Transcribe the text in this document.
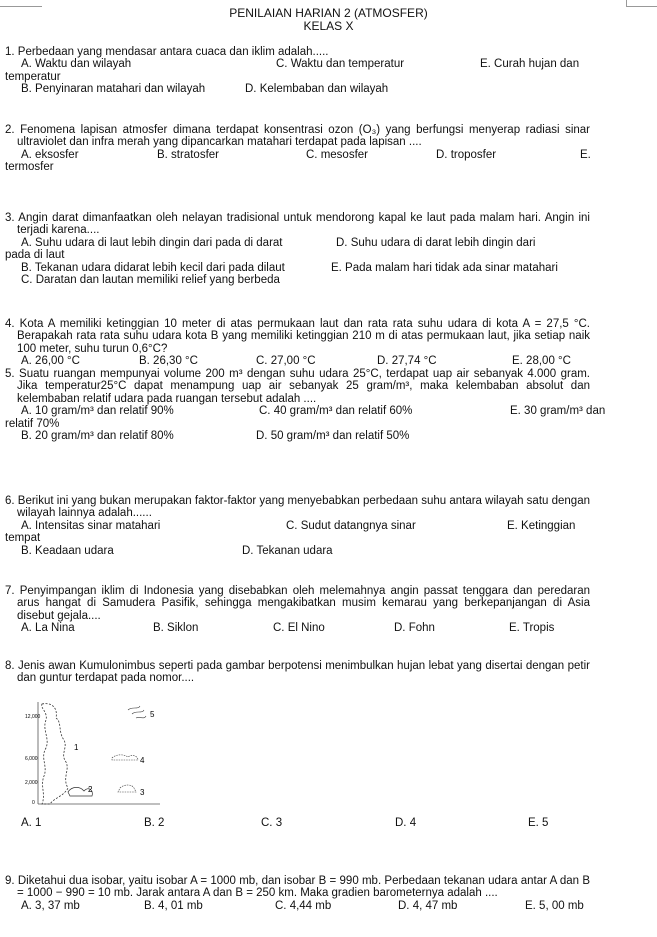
PENILAIAN HARIAN 2 (ATMOSFER)
KELAS X
1. Perbedaan yang mendasar antara cuaca dan iklim adalah.....
A. Waktu dan wilayah	C. Waktu dan temperatur	E. Curah hujan dan
temperatur
B. Penyinaran matahari dan wilayah	D. Kelembaban dan wilayah
2. Fenomena lapisan atmosfer dimana terdapat konsentrasi ozon (O₃) yang berfungsi menyerap radiasi sinar ultraviolet dan infra merah yang dipancarkan matahari terdapat pada lapisan ....
A. eksosfer	B. stratosfer	C. mesosfer	D. troposfer	E.
termosfer
3. Angin darat dimanfaatkan oleh nelayan tradisional untuk mendorong kapal ke laut pada malam hari. Angin ini terjadi karena....
A. Suhu udara di laut lebih dingin dari pada di darat	D. Suhu udara di darat lebih dingin dari
pada di laut
B. Tekanan udara didarat lebih kecil dari pada dilaut	E. Pada malam hari tidak ada sinar matahari
C. Daratan dan lautan memiliki relief yang berbeda
4. Kota A memiliki ketinggian 10 meter di atas permukaan laut dan rata rata suhu udara di kota A = 27,5 °C. Berapakah rata rata suhu udara kota B yang memiliki ketinggian 210 m di atas permukaan laut, jika setiap naik 100 meter, suhu turun 0,6°C?
A. 26,00 °C	B. 26,30 °C	C. 27,00 °C	D. 27,74 °C	E. 28,00 °C
5. Suatu ruangan mempunyai volume 200 m³ dengan suhu udara 25°C, terdapat uap air sebanyak 4.000 gram. Jika temperatur25°C dapat menampung uap air sebanyak 25 gram/m³, maka kelembaban absolut dan kelembaban relatif udara pada ruangan tersebut adalah ....
A. 10 gram/m³ dan relatif 90%	C. 40 gram/m³ dan relatif 60%	E. 30 gram/m³ dan
relatif 70%
B. 20 gram/m³ dan relatif 80%	D. 50 gram/m³ dan relatif 50%
6. Berikut ini yang bukan merupakan faktor-faktor yang menyebabkan perbedaan suhu antara wilayah satu dengan wilayah lainnya adalah......
A. Intensitas sinar matahari	C. Sudut datangnya sinar	E. Ketinggian
tempat
B. Keadaan udara	D. Tekanan udara
7. Penyimpangan iklim di Indonesia yang disebabkan oleh melemahnya angin passat tenggara dan peredaran arus hangat di Samudera Pasifik, sehingga mengakibatkan musim kemarau yang berkepanjangan di Asia disebut gejala....
A. La Nina	B. Siklon	C. El Nino	D. Fohn	E. Tropis
8. Jenis awan Kumulonimbus seperti pada gambar berpotensi menimbulkan hujan lebat yang disertai dengan petir dan guntur terdapat pada nomor....
12,000
6,000
2,000
0
1
2	3
4
5
A. 1	B. 2	C. 3	D. 4	E. 5
9. Diketahui dua isobar, yaitu isobar A = 1000 mb, dan isobar B = 990 mb. Perbedaan tekanan udara antar A dan B = 1000 − 990 = 10 mb. Jarak antara A dan B = 250 km. Maka gradien barometernya adalah ....
A. 3, 37 mb	B. 4, 01 mb	C. 4,44 mb	D. 4, 47 mb	E. 5, 00 mb
